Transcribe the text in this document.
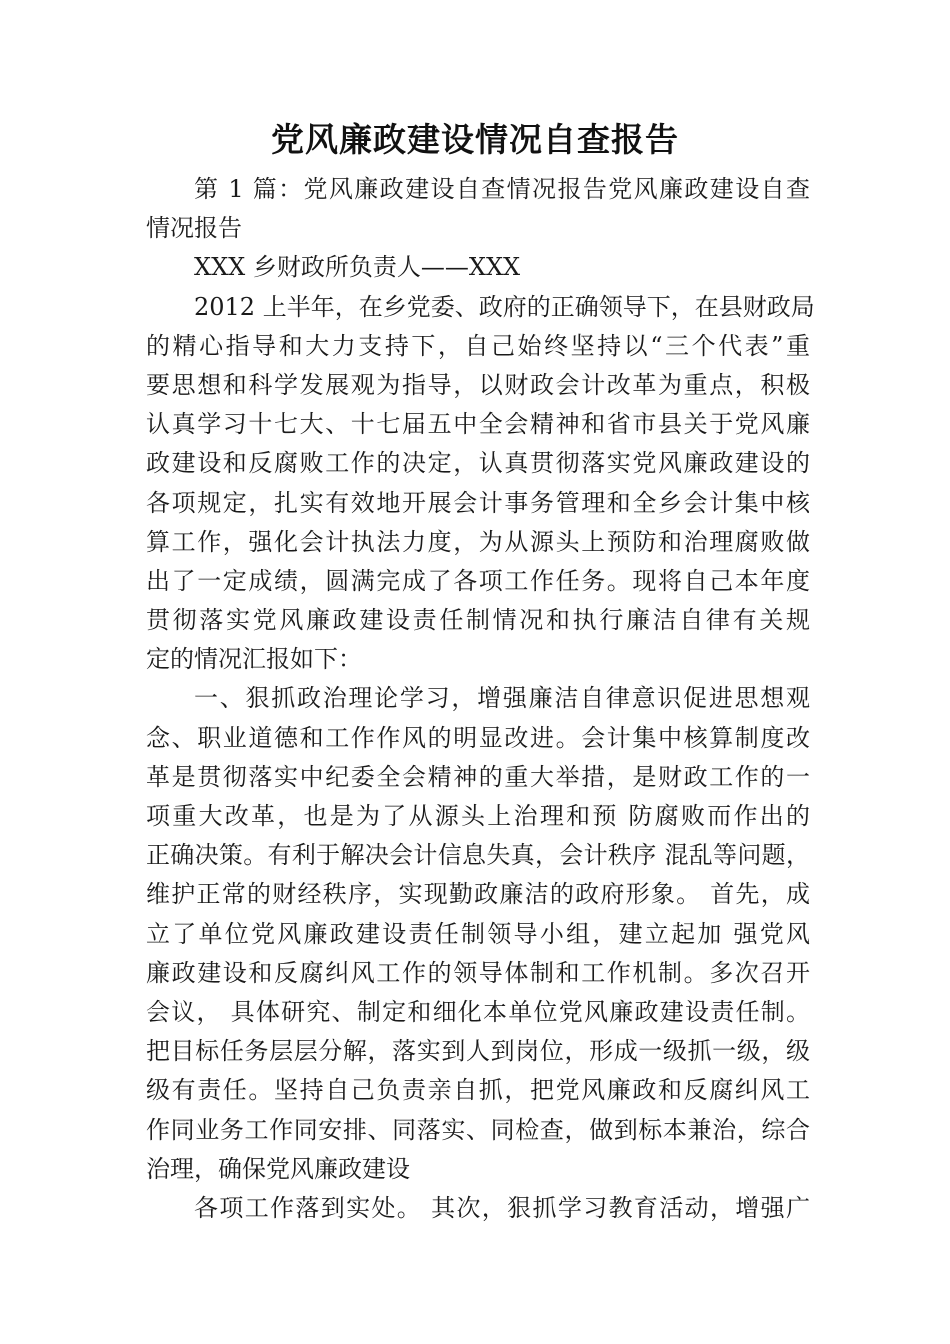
党风廉政建设情况自查报告
第 1 篇：党风廉政建设自查情况报告党风廉政建设自查
情况报告
XXX 乡财政所负责人——XXX
2012 上半年，在乡党委、政府的正确领导下，在县财政局
的精心指导和大力支持下，自己始终坚持以“三个代表”重
要思想和科学发展观为指导，以财政会计改革为重点，积极
认真学习十七大、十七届五中全会精神和省市县关于党风廉
政建设和反腐败工作的决定，认真贯彻落实党风廉政建设的
各项规定，扎实有效地开展会计事务管理和全乡会计集中核
算工作，强化会计执法力度，为从源头上预防和治理腐败做
出了一定成绩，圆满完成了各项工作任务。现将自己本年度
贯彻落实党风廉政建设责任制情况和执行廉洁自律有关规
定的情况汇报如下：
一、狠抓政治理论学习，增强廉洁自律意识促进思想观
念、职业道德和工作作风的明显改进。会计集中核算制度改
革是贯彻落实中纪委全会精神的重大举措，是财政工作的一
项重大改革，也是为了从源头上治理和预 防腐败而作出的
正确决策。有利于解决会计信息失真，会计秩序 混乱等问题，
维护正常的财经秩序，实现勤政廉洁的政府形象。 首先，成
立了单位党风廉政建设责任制领导小组，建立起加 强党风
廉政建设和反腐纠风工作的领导体制和工作机制。多次召开
会议， 具体研究、制定和细化本单位党风廉政建设责任制。
把目标任务层层分解，落实到人到岗位，形成一级抓一级，级
级有责任。坚持自己负责亲自抓，把党风廉政和反腐纠风工
作同业务工作同安排、同落实、同检查，做到标本兼治，综合
治理，确保党风廉政建设
各项工作落到实处。 其次，狠抓学习教育活动，增强广
